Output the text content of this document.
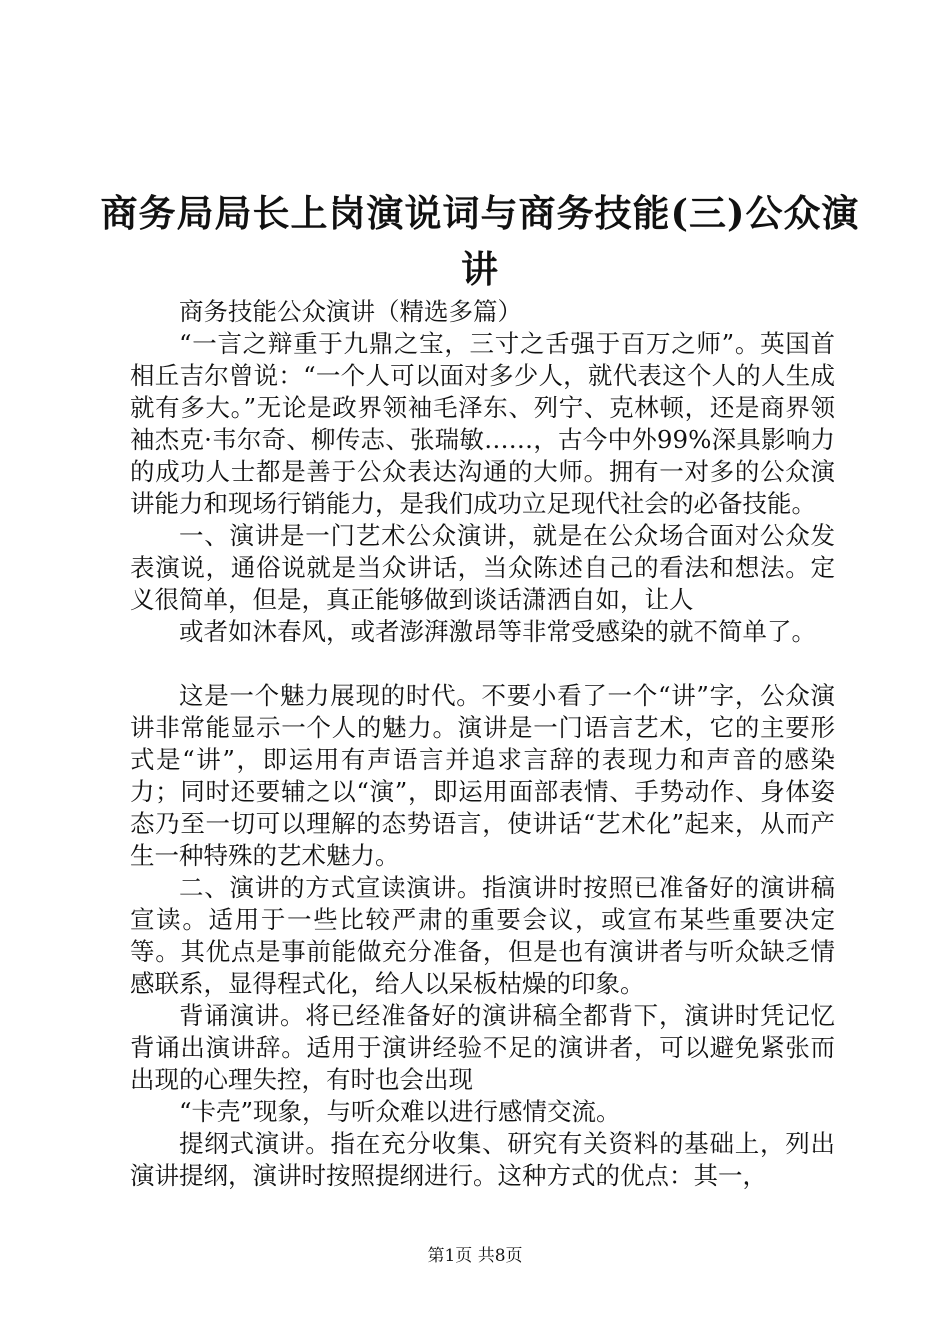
商务局局长上岗演说词与商务技能(三)公众演讲

商务技能公众演讲（精选多篇）

“一言之辩重于九鼎之宝，三寸之舌强于百万之师”。英国首相丘吉尔曾说：“一个人可以面对多少人，就代表这个人的人生成就有多大。”无论是政界领袖毛泽东、列宁、克林顿，还是商界领袖杰克·韦尔奇、柳传志、张瑞敏……，古今中外99%深具影响力的成功人士都是善于公众表达沟通的大师。拥有一对多的公众演讲能力和现场行销能力，是我们成功立足现代社会的必备技能。

一、演讲是一门艺术公众演讲，就是在公众场合面对公众发表演说，通俗说就是当众讲话，当众陈述自己的看法和想法。定义很简单，但是，真正能够做到谈话潇洒自如，让人

或者如沐春风，或者澎湃激昂等非常受感染的就不简单了。

这是一个魅力展现的时代。不要小看了一个“讲”字，公众演讲非常能显示一个人的魅力。演讲是一门语言艺术，它的主要形式是“讲”，即运用有声语言并追求言辞的表现力和声音的感染力；同时还要辅之以“演”，即运用面部表情、手势动作、身体姿态乃至一切可以理解的态势语言，使讲话“艺术化”起来，从而产生一种特殊的艺术魅力。

二、演讲的方式宣读演讲。指演讲时按照已准备好的演讲稿宣读。适用于一些比较严肃的重要会议，或宣布某些重要决定等。其优点是事前能做充分准备，但是也有演讲者与听众缺乏情感联系，显得程式化，给人以呆板枯燥的印象。

背诵演讲。将已经准备好的演讲稿全都背下，演讲时凭记忆背诵出演讲辞。适用于演讲经验不足的演讲者，可以避免紧张而出现的心理失控，有时也会出现

“卡壳”现象，与听众难以进行感情交流。

提纲式演讲。指在充分收集、研究有关资料的基础上，列出演讲提纲，演讲时按照提纲进行。这种方式的优点：其一，

第1页 共8页
